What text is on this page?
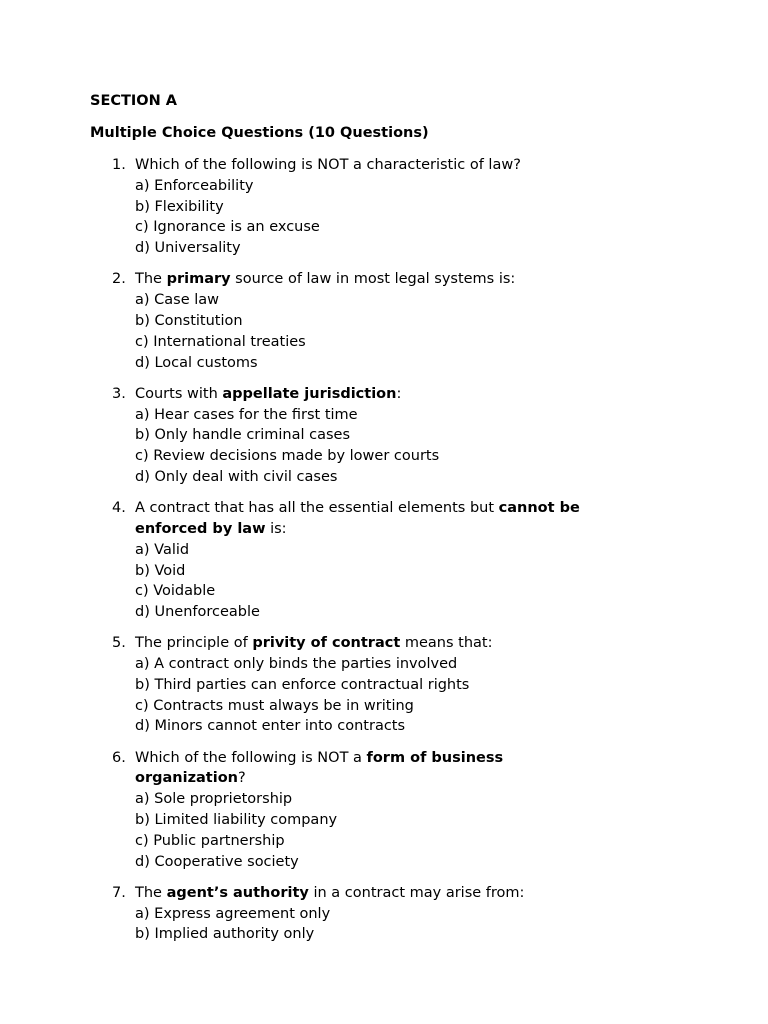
SECTION A
Multiple Choice Questions (10 Questions)
1. Which of the following is NOT a characteristic of law?
a) Enforceability
b) Flexibility
c) Ignorance is an excuse
d) Universality
2. The primary source of law in most legal systems is:
a) Case law
b) Constitution
c) International treaties
d) Local customs
3. Courts with appellate jurisdiction:
a) Hear cases for the first time
b) Only handle criminal cases
c) Review decisions made by lower courts
d) Only deal with civil cases
4. A contract that has all the essential elements but cannot be enforced by law is:
a) Valid
b) Void
c) Voidable
d) Unenforceable
5. The principle of privity of contract means that:
a) A contract only binds the parties involved
b) Third parties can enforce contractual rights
c) Contracts must always be in writing
d) Minors cannot enter into contracts
6. Which of the following is NOT a form of business organization?
a) Sole proprietorship
b) Limited liability company
c) Public partnership
d) Cooperative society
7. The agent’s authority in a contract may arise from:
a) Express agreement only
b) Implied authority only
